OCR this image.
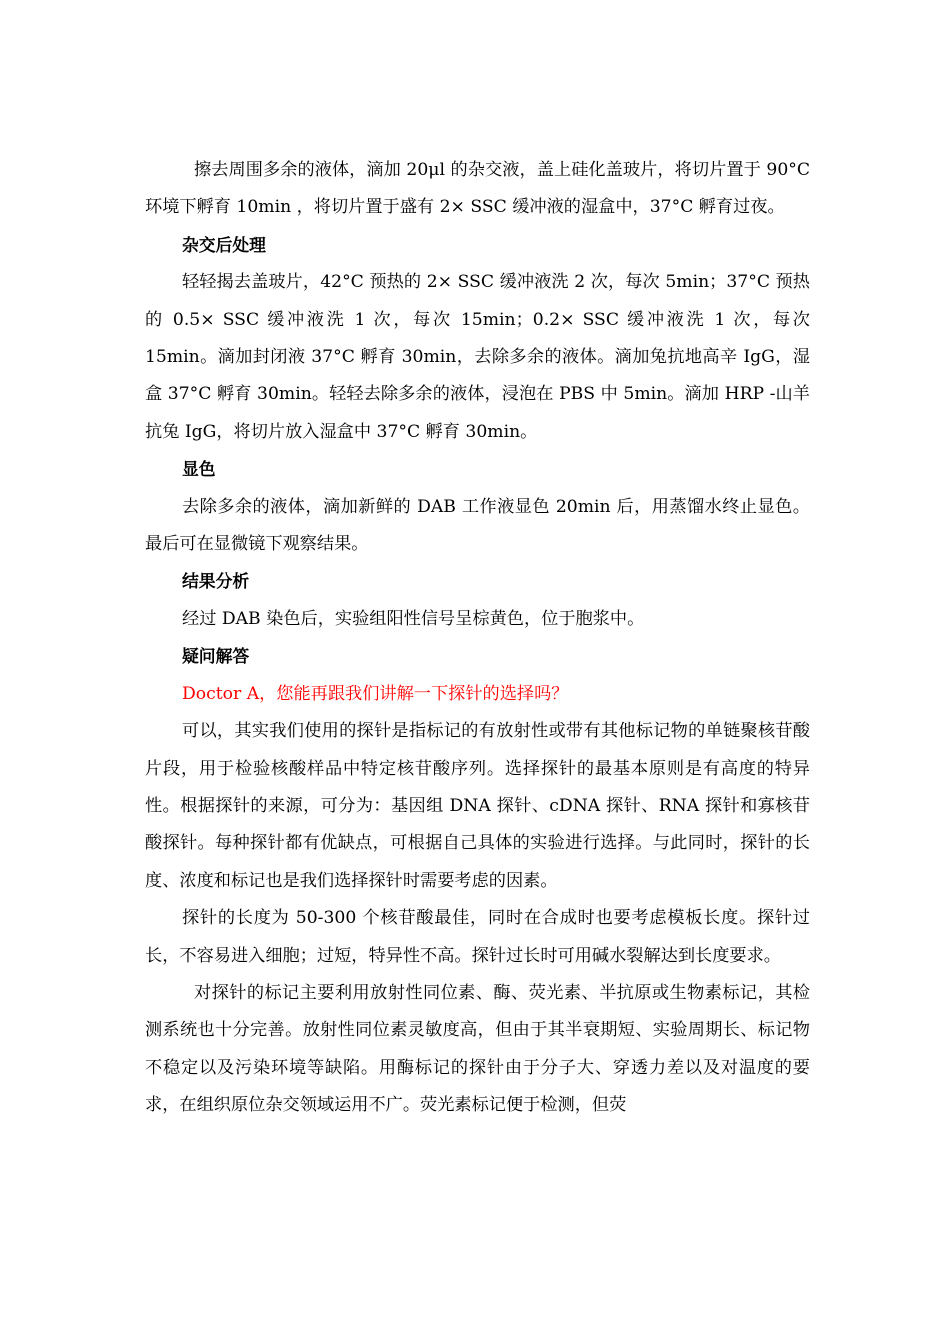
擦去周围多余的液体，滴加 20μl 的杂交液，盖上硅化盖玻片，将切片置于 90°C 环境下孵育 10min ，将切片置于盛有 2× SSC 缓冲液的湿盒中，37°C 孵育过夜。

杂交后处理

轻轻揭去盖玻片，42°C 预热的 2× SSC 缓冲液洗 2 次，每次 5min；37°C 预热的 0.5× SSC 缓冲液洗 1 次，每次 15min；0.2× SSC 缓冲液洗 1 次，每次 15min。滴加封闭液 37°C 孵育 30min，去除多余的液体。滴加兔抗地高辛 IgG，湿盒 37°C 孵育 30min。轻轻去除多余的液体，浸泡在 PBS 中 5min。滴加 HRP -山羊抗兔 IgG，将切片放入湿盒中 37°C 孵育 30min。

显色

去除多余的液体，滴加新鲜的 DAB 工作液显色 20min 后，用蒸馏水终止显色。最后可在显微镜下观察结果。

结果分析

经过 DAB 染色后，实验组阳性信号呈棕黄色，位于胞浆中。

疑问解答

Doctor A，您能再跟我们讲解一下探针的选择吗？

可以，其实我们使用的探针是指标记的有放射性或带有其他标记物的单链聚核苷酸片段，用于检验核酸样品中特定核苷酸序列。选择探针的最基本原则是有高度的特异性。根据探针的来源，可分为：基因组 DNA 探针、cDNA 探针、RNA 探针和寡核苷酸探针。每种探针都有优缺点，可根据自己具体的实验进行选择。与此同时，探针的长度、浓度和标记也是我们选择探针时需要考虑的因素。

探针的长度为 50-300 个核苷酸最佳，同时在合成时也要考虑模板长度。探针过长，不容易进入细胞；过短，特异性不高。探针过长时可用碱水裂解达到长度要求。

对探针的标记主要利用放射性同位素、酶、荧光素、半抗原或生物素标记，其检测系统也十分完善。放射性同位素灵敏度高，但由于其半衰期短、实验周期长、标记物不稳定以及污染环境等缺陷。用酶标记的探针由于分子大、穿透力差以及对温度的要求，在组织原位杂交领域运用不广。荧光素标记便于检测，但荧
